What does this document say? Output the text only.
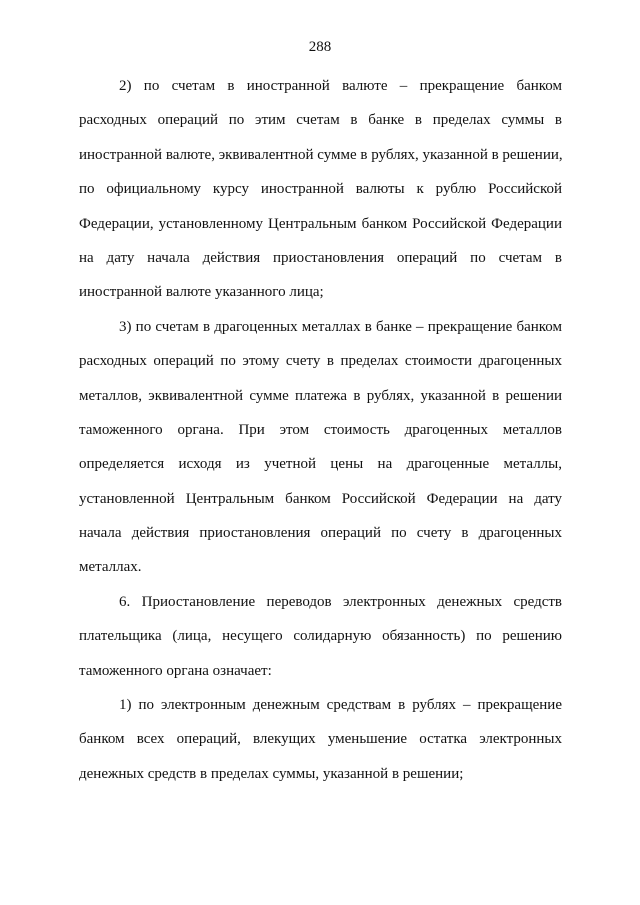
288
2) по счетам в иностранной валюте – прекращение банком
расходных операций по этим счетам в банке в пределах суммы в
иностранной валюте, эквивалентной сумме в рублях, указанной в решении,
по официальному курсу иностранной валюты к рублю Российской
Федерации, установленному Центральным банком Российской Федерации
на дату начала действия приостановления операций по счетам в
иностранной валюте указанного лица;
3) по счетам в драгоценных металлах в банке – прекращение банком
расходных операций по этому счету в пределах стоимости драгоценных
металлов, эквивалентной сумме платежа в рублях, указанной в решении
таможенного органа. При этом стоимость драгоценных металлов
определяется исходя из учетной цены на драгоценные металлы,
установленной Центральным банком Российской Федерации на дату
начала действия приостановления операций по счету в драгоценных
металлах.
6. Приостановление переводов электронных денежных средств
плательщика (лица, несущего солидарную обязанность) по решению
таможенного органа означает:
1) по электронным денежным средствам в рублях – прекращение
банком всех операций, влекущих уменьшение остатка электронных
денежных средств в пределах суммы, указанной в решении;
